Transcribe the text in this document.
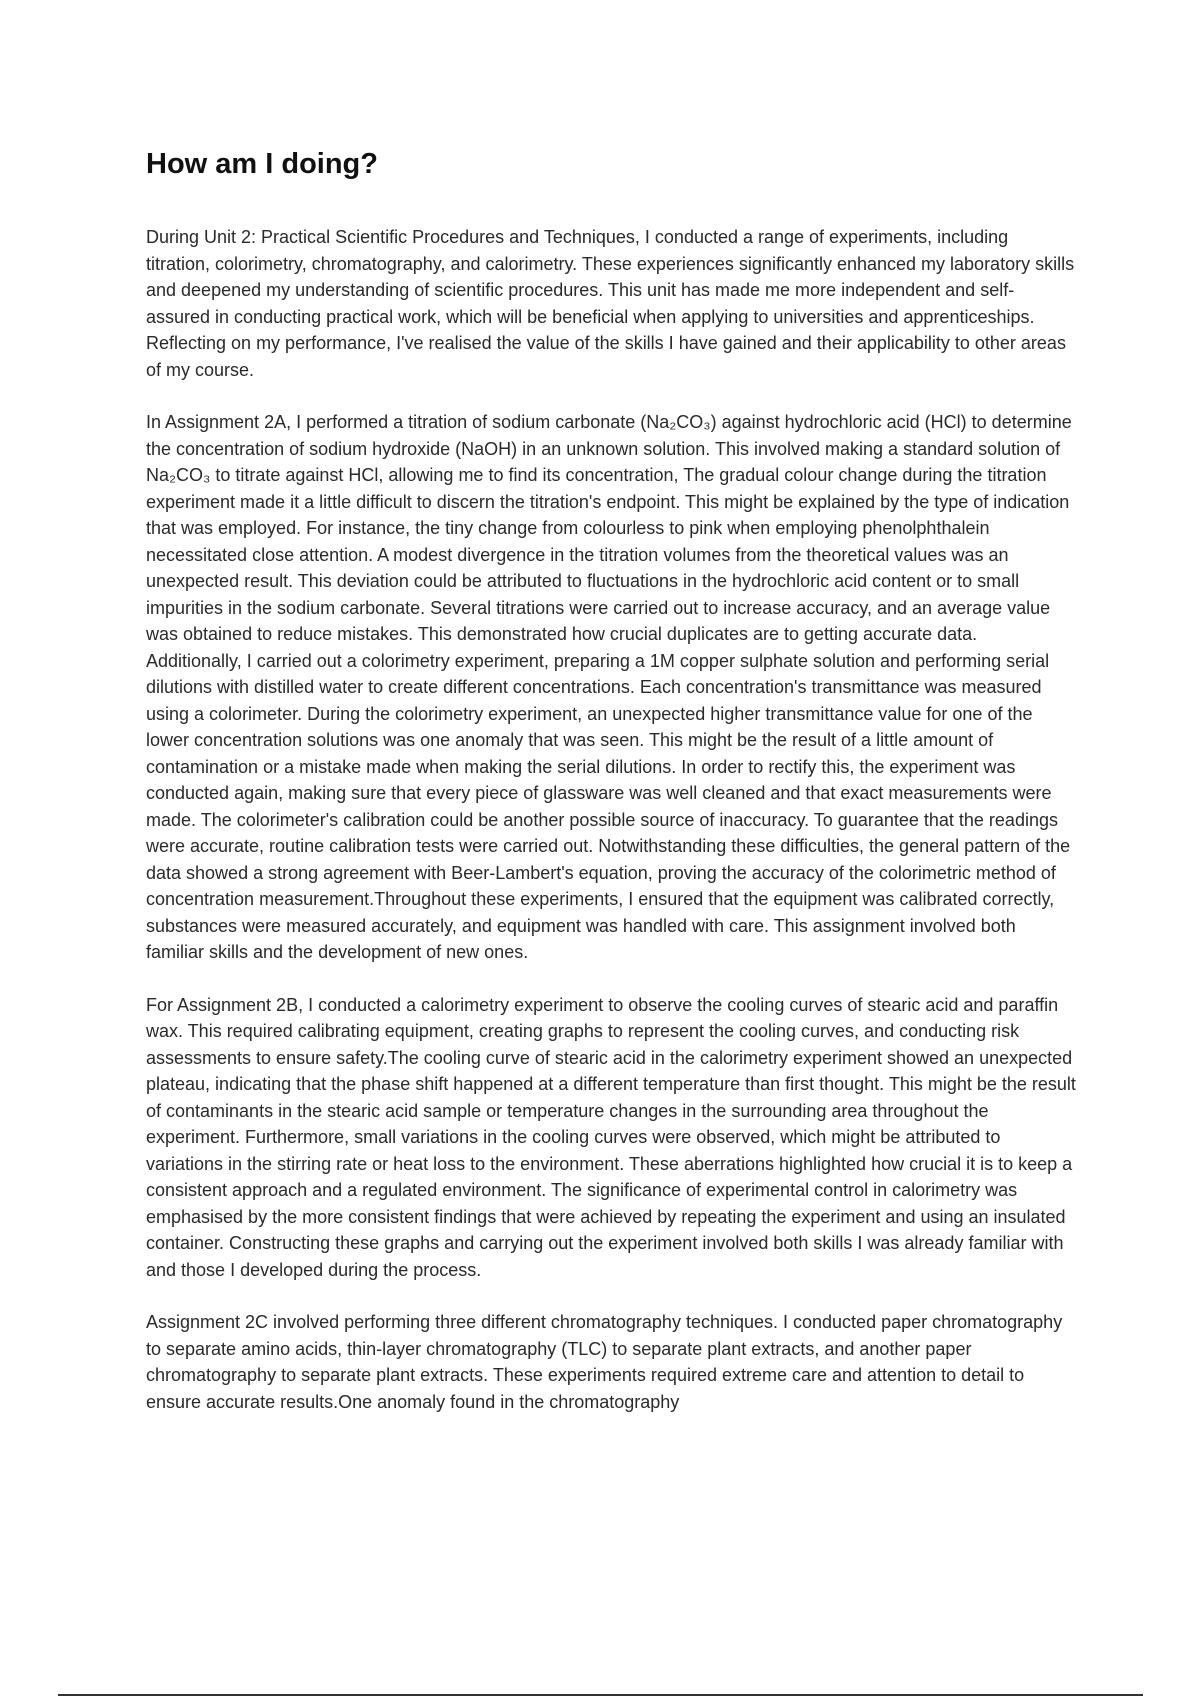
How am I doing?

During Unit 2: Practical Scientific Procedures and Techniques, I conducted a range of experiments, including titration, colorimetry, chromatography, and calorimetry. These experiences significantly enhanced my laboratory skills and deepened my understanding of scientific procedures. This unit has made me more independent and self-assured in conducting practical work, which will be beneficial when applying to universities and apprenticeships. Reflecting on my performance, I've realised the value of the skills I have gained and their applicability to other areas of my course.

In Assignment 2A, I performed a titration of sodium carbonate (Na₂CO₃) against hydrochloric acid (HCl) to determine the concentration of sodium hydroxide (NaOH) in an unknown solution. This involved making a standard solution of Na₂CO₃ to titrate against HCl, allowing me to find its concentration, The gradual colour change during the titration experiment made it a little difficult to discern the titration's endpoint. This might be explained by the type of indication that was employed. For instance, the tiny change from colourless to pink when employing phenolphthalein necessitated close attention. A modest divergence in the titration volumes from the theoretical values was an unexpected result. This deviation could be attributed to fluctuations in the hydrochloric acid content or to small impurities in the sodium carbonate. Several titrations were carried out to increase accuracy, and an average value was obtained to reduce mistakes. This demonstrated how crucial duplicates are to getting accurate data. Additionally, I carried out a colorimetry experiment, preparing a 1M copper sulphate solution and performing serial dilutions with distilled water to create different concentrations. Each concentration's transmittance was measured using a colorimeter. During the colorimetry experiment, an unexpected higher transmittance value for one of the lower concentration solutions was one anomaly that was seen. This might be the result of a little amount of contamination or a mistake made when making the serial dilutions. In order to rectify this, the experiment was conducted again, making sure that every piece of glassware was well cleaned and that exact measurements were made. The colorimeter's calibration could be another possible source of inaccuracy. To guarantee that the readings were accurate, routine calibration tests were carried out. Notwithstanding these difficulties, the general pattern of the data showed a strong agreement with Beer-Lambert's equation, proving the accuracy of the colorimetric method of concentration measurement.Throughout these experiments, I ensured that the equipment was calibrated correctly, substances were measured accurately, and equipment was handled with care. This assignment involved both familiar skills and the development of new ones.

For Assignment 2B, I conducted a calorimetry experiment to observe the cooling curves of stearic acid and paraffin wax. This required calibrating equipment, creating graphs to represent the cooling curves, and conducting risk assessments to ensure safety.The cooling curve of stearic acid in the calorimetry experiment showed an unexpected plateau, indicating that the phase shift happened at a different temperature than first thought. This might be the result of contaminants in the stearic acid sample or temperature changes in the surrounding area throughout the experiment. Furthermore, small variations in the cooling curves were observed, which might be attributed to variations in the stirring rate or heat loss to the environment. These aberrations highlighted how crucial it is to keep a consistent approach and a regulated environment. The significance of experimental control in calorimetry was emphasised by the more consistent findings that were achieved by repeating the experiment and using an insulated container. Constructing these graphs and carrying out the experiment involved both skills I was already familiar with and those I developed during the process.

Assignment 2C involved performing three different chromatography techniques. I conducted paper chromatography to separate amino acids, thin-layer chromatography (TLC) to separate plant extracts, and another paper chromatography to separate plant extracts. These experiments required extreme care and attention to detail to ensure accurate results.One anomaly found in the chromatography
